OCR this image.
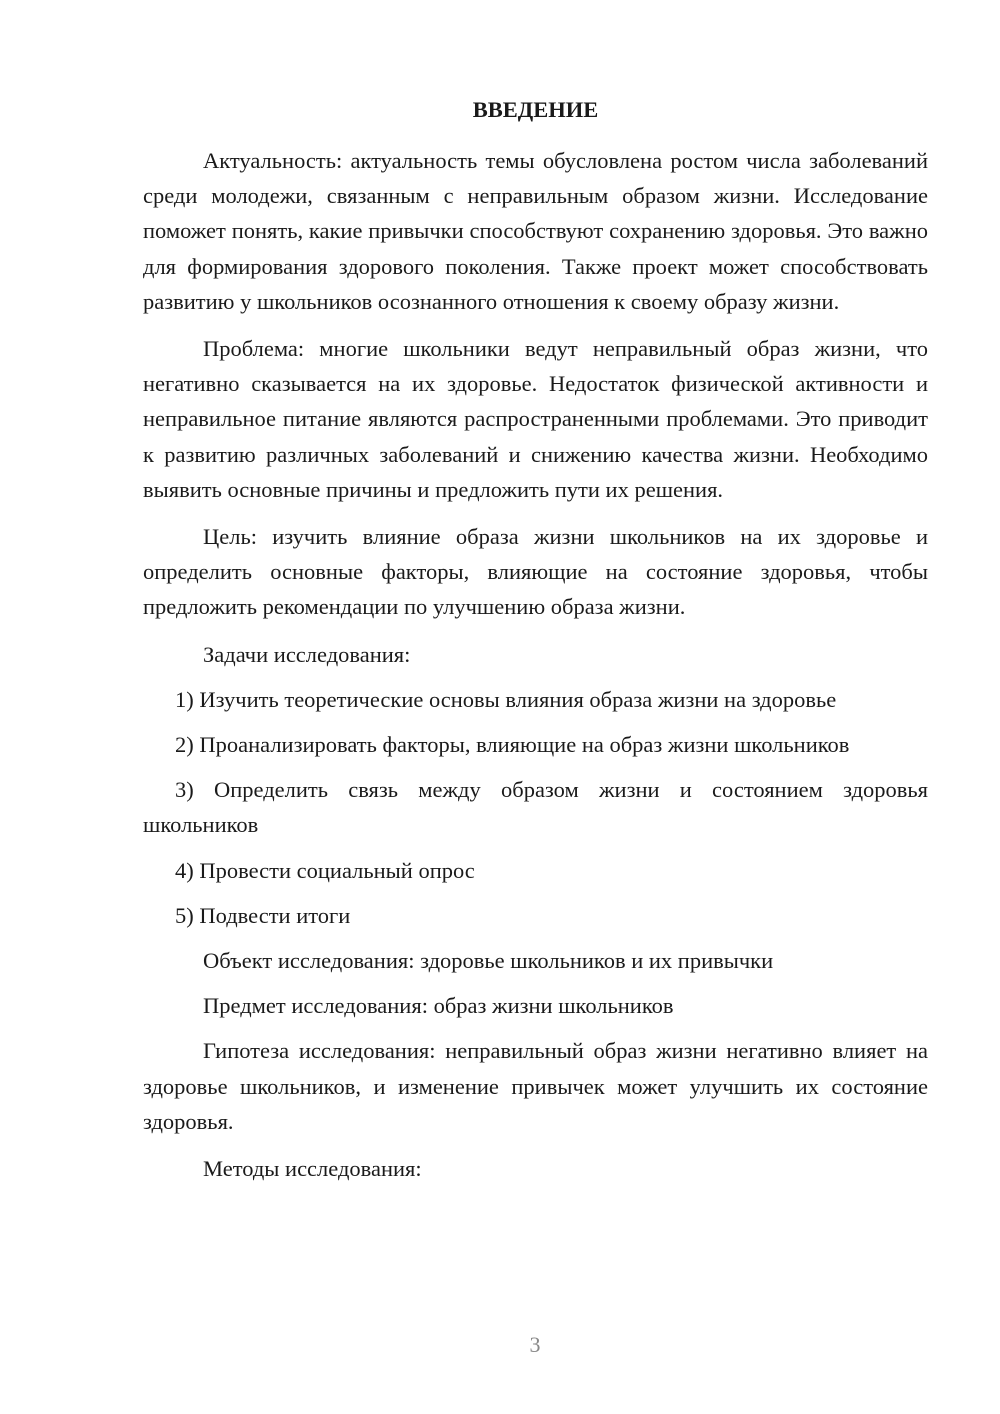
ВВЕДЕНИЕ

Актуальность: актуальность темы обусловлена ростом числа заболеваний среди молодежи, связанным с неправильным образом жизни. Исследование поможет понять, какие привычки способствуют сохранению здоровья. Это важно для формирования здорового поколения. Также проект может способствовать развитию у школьников осознанного отношения к своему образу жизни.

Проблема: многие школьники ведут неправильный образ жизни, что негативно сказывается на их здоровье. Недостаток физической активности и неправильное питание являются распространенными проблемами. Это приводит к развитию различных заболеваний и снижению качества жизни. Необходимо выявить основные причины и предложить пути их решения.

Цель: изучить влияние образа жизни школьников на их здоровье и определить основные факторы, влияющие на состояние здоровья, чтобы предложить рекомендации по улучшению образа жизни.

Задачи исследования:

1) Изучить теоретические основы влияния образа жизни на здоровье

2) Проанализировать факторы, влияющие на образ жизни школьников

3) Определить связь между образом жизни и состоянием здоровья школьников

4) Провести социальный опрос

5) Подвести итоги

Объект исследования: здоровье школьников и их привычки

Предмет исследования: образ жизни школьников

Гипотеза исследования: неправильный образ жизни негативно влияет на здоровье школьников, и изменение привычек может улучшить их состояние здоровья.

Методы исследования:

3
